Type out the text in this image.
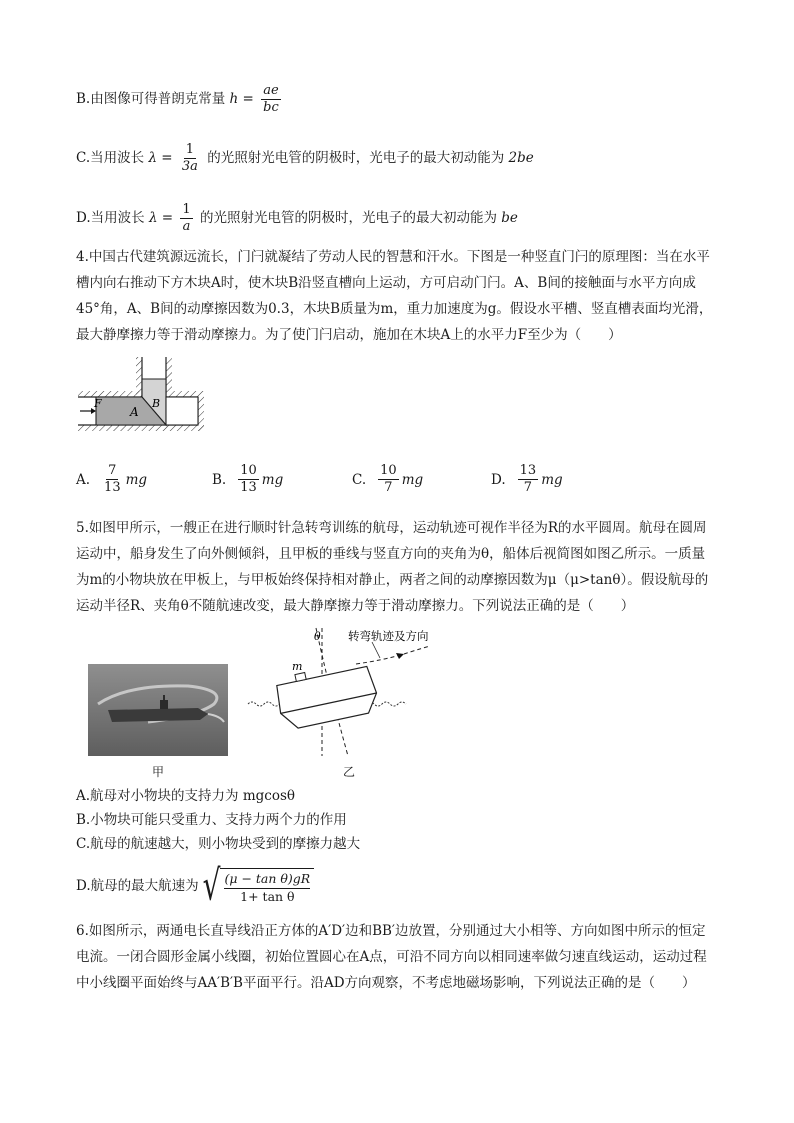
B.由图像可得普朗克常量 $h = \frac{ae}{bc}$
C.当用波长 $\lambda = \frac{1}{3a}$ 的光照射光电管的阴极时，光电子的最大初动能为 2be
D.当用波长 $\lambda = \frac{1}{a}$ 的光照射光电管的阴极时，光电子的最大初动能为 be
4.中国古代建筑源远流长，门闩就凝结了劳动人民的智慧和汗水。下图是一种竖直门闩的原理图：当在水平槽内向右推动下方木块A时，使木块B沿竖直槽向上运动，方可启动门闩。A、B间的接触面与水平方向成45°角，A、B间的动摩擦因数为0.3，木块B质量为m，重力加速度为g。假设水平槽、竖直槽表面均光滑，最大静摩擦力等于滑动摩擦力。为了使门闩启动，施加在木块A上的水平力F至少为（　　）
A
B
F
A. $\frac{7}{13}$ mg	B. $\frac{10}{13}$ mg	C. $\frac{10}{7}$ mg	D. $\frac{13}{7}$ mg
5.如图甲所示，一艘正在进行顺时针急转弯训练的航母，运动轨迹可视作半径为R的水平圆周。航母在圆周运动中，船身发生了向外侧倾斜，且甲板的垂线与竖直方向的夹角为θ，船体后视简图如图乙所示。一质量为m的小物块放在甲板上，与甲板始终保持相对静止，两者之间的动摩擦因数为μ（μ>tanθ）。假设航母的运动半径R、夹角θ不随航速改变，最大静摩擦力等于滑动摩擦力。下列说法正确的是（　　）
甲
θ
m
转弯轨迹及方向
乙
A.航母对小物块的支持力为 mgcosθ
B.小物块可能只受重力、支持力两个力的作用
C.航母的航速越大，则小物块受到的摩擦力越大
D.航母的最大航速为 √ $\frac{\text{(μ − tan θ)gR}}{\text{1+ tan θ}}$
6.如图所示，两通电长直导线沿正方体的A′D′边和BB′边放置，分别通过大小相等、方向如图中所示的恒定电流。一闭合圆形金属小线圈，初始位置圆心在A点，可沿不同方向以相同速率做匀速直线运动，运动过程中小线圈平面始终与AA′B′B平面平行。沿AD方向观察，不考虑地磁场影响，下列说法正确的是（　　）
